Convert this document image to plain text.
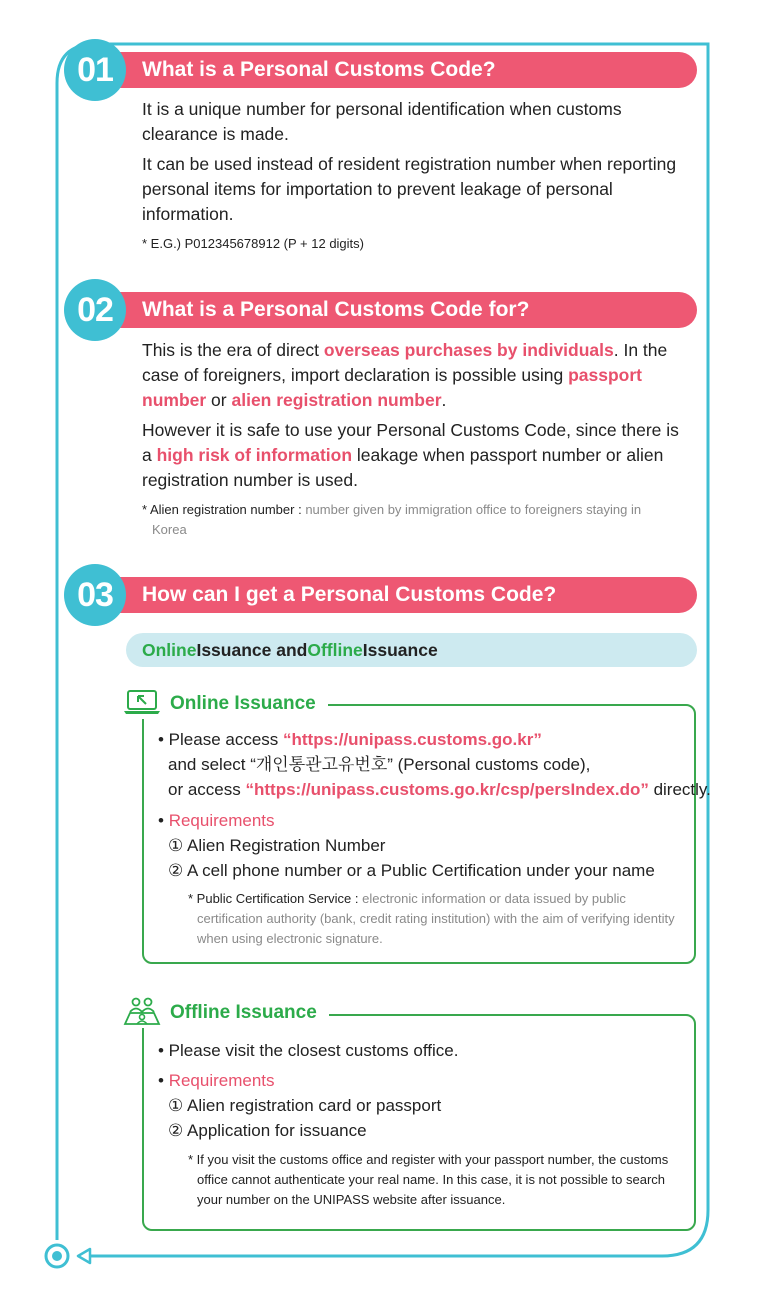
01	What is a Personal Customs Code?
It is a unique number for personal identification when customs clearance is made.
It can be used instead of resident registration number when reporting personal items for importation to prevent leakage of personal information.
* E.G.) P012345678912 (P + 12 digits)
02	What is a Personal Customs Code for?
This is the era of direct overseas purchases by individuals. In the case of foreigners, import declaration is possible using passport number or alien registration number.
However it is safe to use your Personal Customs Code, since there is a high risk of information leakage when passport number or alien registration number is used.
* Alien registration number : number given by immigration office to foreigners staying in Korea
03	How can I get a Personal Customs Code?
Online Issuance and Offline Issuance
Online Issuance
• Please access “https://unipass.customs.go.kr”
and select “개인통관고유번호” (Personal customs code),
or access “https://unipass.customs.go.kr/csp/persIndex.do” directly.
• Requirements
① Alien Registration Number
② A cell phone number or a Public Certification under your name
* Public Certification Service : electronic information or data issued by public certification authority (bank, credit rating institution) with the aim of verifying identity when using electronic signature.
Offline Issuance
• Please visit the closest customs office.
• Requirements
① Alien registration card or passport
② Application for issuance
* If you visit the customs office and register with your passport number, the customs office cannot authenticate your real name. In this case, it is not possible to search your number on the UNIPASS website after issuance.
